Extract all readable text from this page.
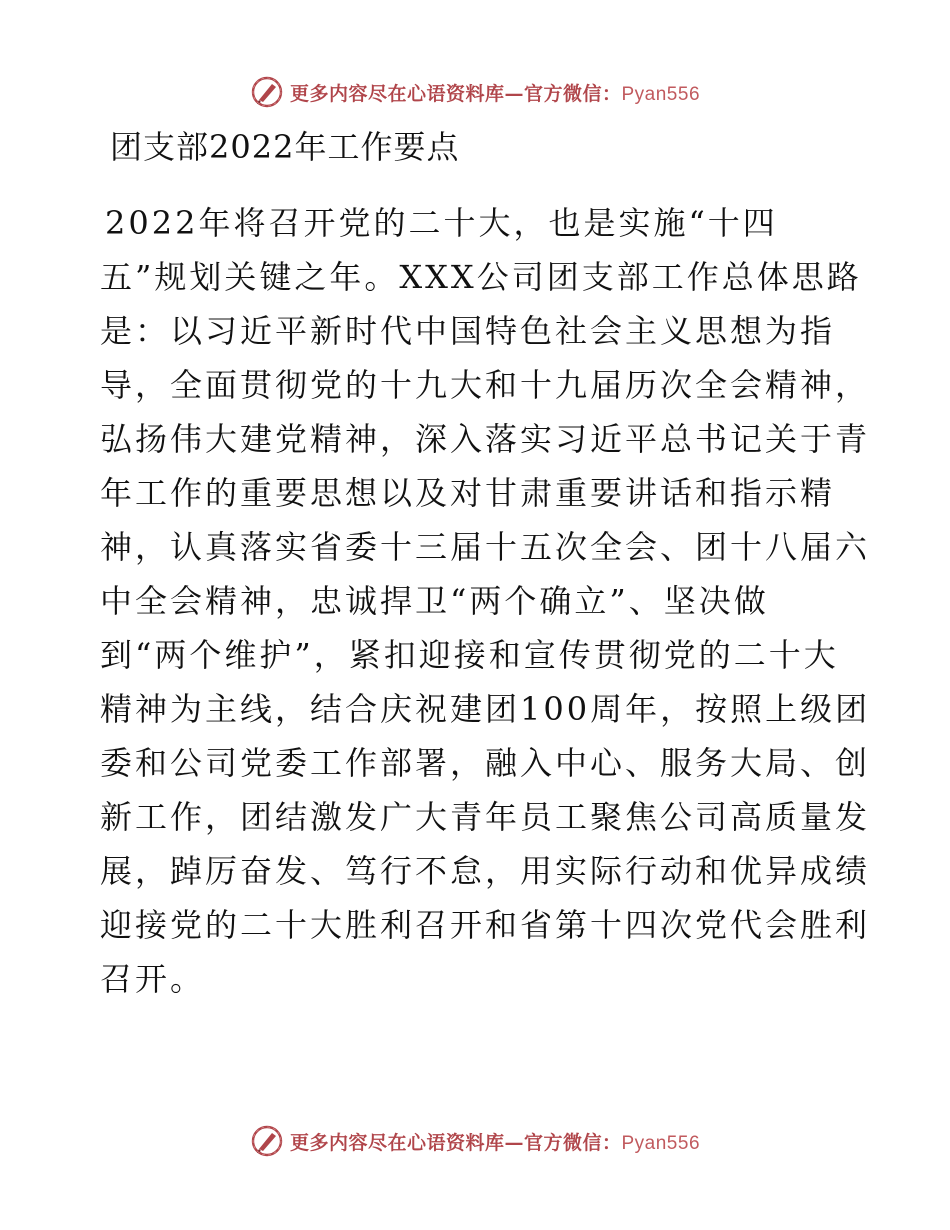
更多内容尽在心语资料库—官方微信：Pyan556
团支部2022年工作要点
2022年将召开党的二十大，也是实施“十四
五”规划关键之年。XXX公司团支部工作总体思路
是：以习近平新时代中国特色社会主义思想为指
导，全面贯彻党的十九大和十九届历次全会精神，
弘扬伟大建党精神，深入落实习近平总书记关于青
年工作的重要思想以及对甘肃重要讲话和指示精
神，认真落实省委十三届十五次全会、团十八届六
中全会精神，忠诚捍卫“两个确立”、坚决做
到“两个维护”，紧扣迎接和宣传贯彻党的二十大
精神为主线，结合庆祝建团100周年，按照上级团
委和公司党委工作部署，融入中心、服务大局、创
新工作，团结激发广大青年员工聚焦公司高质量发
展，踔厉奋发、笃行不怠，用实际行动和优异成绩
迎接党的二十大胜利召开和省第十四次党代会胜利
召开。
更多内容尽在心语资料库—官方微信：Pyan556
